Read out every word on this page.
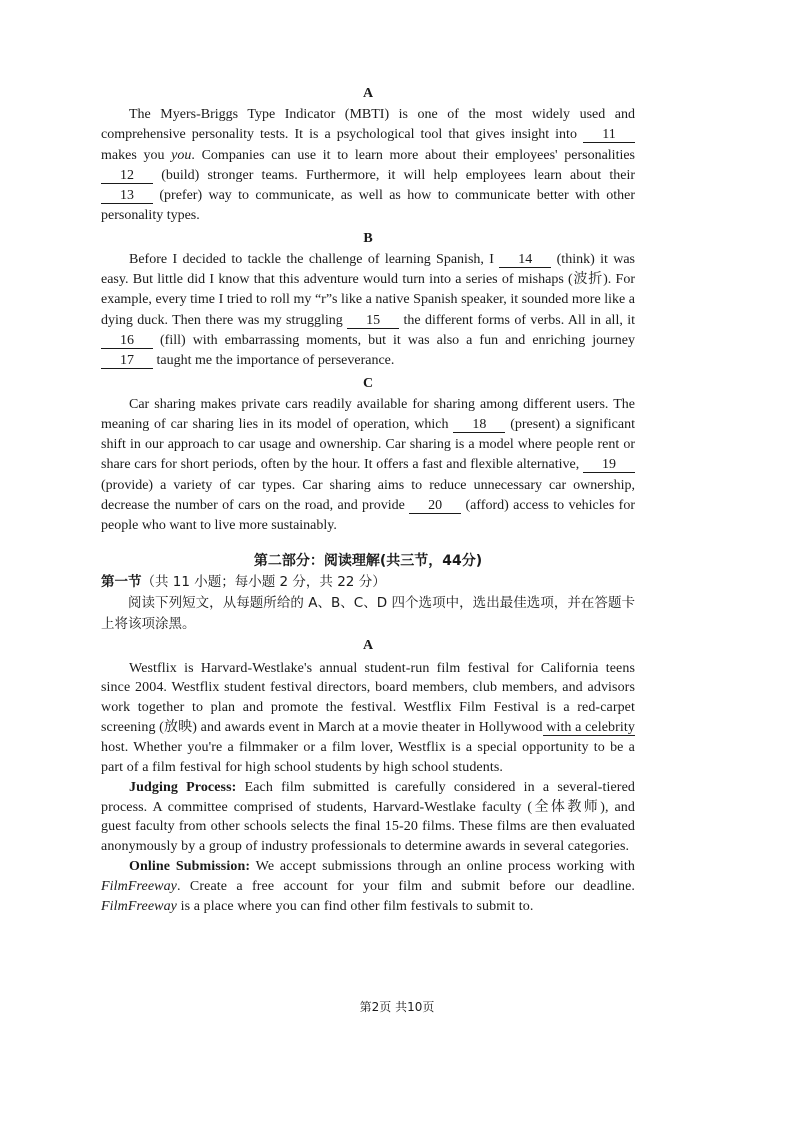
A

The Myers-Briggs Type Indicator (MBTI) is one of the most widely used and comprehensive personality tests. It is a psychological tool that gives insight into 11 makes you you. Companies can use it to learn more about their employees' personalities 12 (build) stronger teams. Furthermore, it will help employees learn about their 13 (prefer) way to communicate, as well as how to communicate better with other personality types.

B

Before I decided to tackle the challenge of learning Spanish, I 14 (think) it was easy. But little did I know that this adventure would turn into a series of mishaps (波折). For example, every time I tried to roll my “r”s like a native Spanish speaker, it sounded more like a dying duck. Then there was my struggling 15 the different forms of verbs. All in all, it 16 (fill) with embarrassing moments, but it was also a fun and enriching journey 17 taught me the importance of perseverance.

C

Car sharing makes private cars readily available for sharing among different users. The meaning of car sharing lies in its model of operation, which 18 (present) a significant shift in our approach to car usage and ownership. Car sharing is a model where people rent or share cars for short periods, often by the hour. It offers a fast and flexible alternative, 19 (provide) a variety of car types. Car sharing aims to reduce unnecessary car ownership, decrease the number of cars on the road, and provide 20 (afford) access to vehicles for people who want to live more sustainably.

第二部分：阅读理解(共三节，44分)
第一节（共 11 小题；每小题 2 分，共 22 分）
阅读下列短文，从每题所给的 A、B、C、D 四个选项中，选出最佳选项，并在答题卡上将该项涂黑。
A

Westflix is Harvard-Westlake's annual student-run film festival for California teens since 2004. Westflix student festival directors, board members, club members, and advisors work together to plan and promote the festival. Westflix Film Festival is a red-carpet screening (放映) and awards event in March at a movie theater in Hollywood with a celebrity host. Whether you're a filmmaker or a film lover, Westflix is a special opportunity to be a part of a film festival for high school students by high school students.

Judging Process: Each film submitted is carefully considered in a several-tiered process. A committee comprised of students, Harvard-Westlake faculty (全体教师), and guest faculty from other schools selects the final 15-20 films. These films are then evaluated anonymously by a group of industry professionals to determine awards in several categories.

Online Submission: We accept submissions through an online process working with FilmFreeway. Create a free account for your film and submit before our deadline. FilmFreeway is a place where you can find other film festivals to submit to.

第2页 共10页
